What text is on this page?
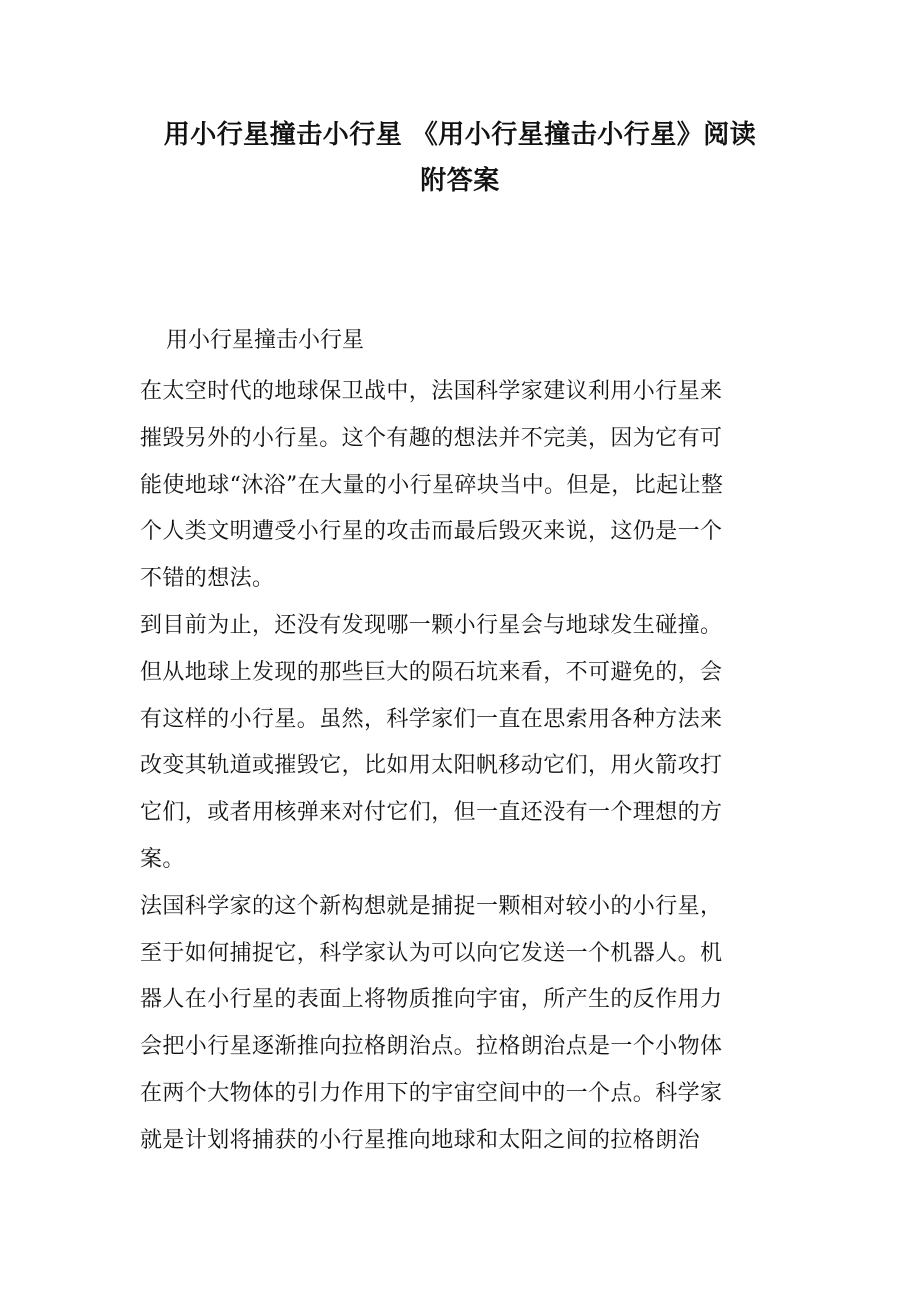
用小行星撞击小行星 《用小行星撞击小行星》阅读
附答案
用小行星撞击小行星
在太空时代的地球保卫战中，法国科学家建议利用小行星来
摧毁另外的小行星。这个有趣的想法并不完美，因为它有可
能使地球“沐浴”在大量的小行星碎块当中。但是，比起让整
个人类文明遭受小行星的攻击而最后毁灭来说，这仍是一个
不错的想法。
到目前为止，还没有发现哪一颗小行星会与地球发生碰撞。
但从地球上发现的那些巨大的陨石坑来看，不可避免的，会
有这样的小行星。虽然，科学家们一直在思索用各种方法来
改变其轨道或摧毁它，比如用太阳帆移动它们，用火箭攻打
它们，或者用核弹来对付它们，但一直还没有一个理想的方
案。
法国科学家的这个新构想就是捕捉一颗相对较小的小行星，
至于如何捕捉它，科学家认为可以向它发送一个机器人。机
器人在小行星的表面上将物质推向宇宙，所产生的反作用力
会把小行星逐渐推向拉格朗治点。拉格朗治点是一个小物体
在两个大物体的引力作用下的宇宙空间中的一个点。科学家
就是计划将捕获的小行星推向地球和太阳之间的拉格朗治
